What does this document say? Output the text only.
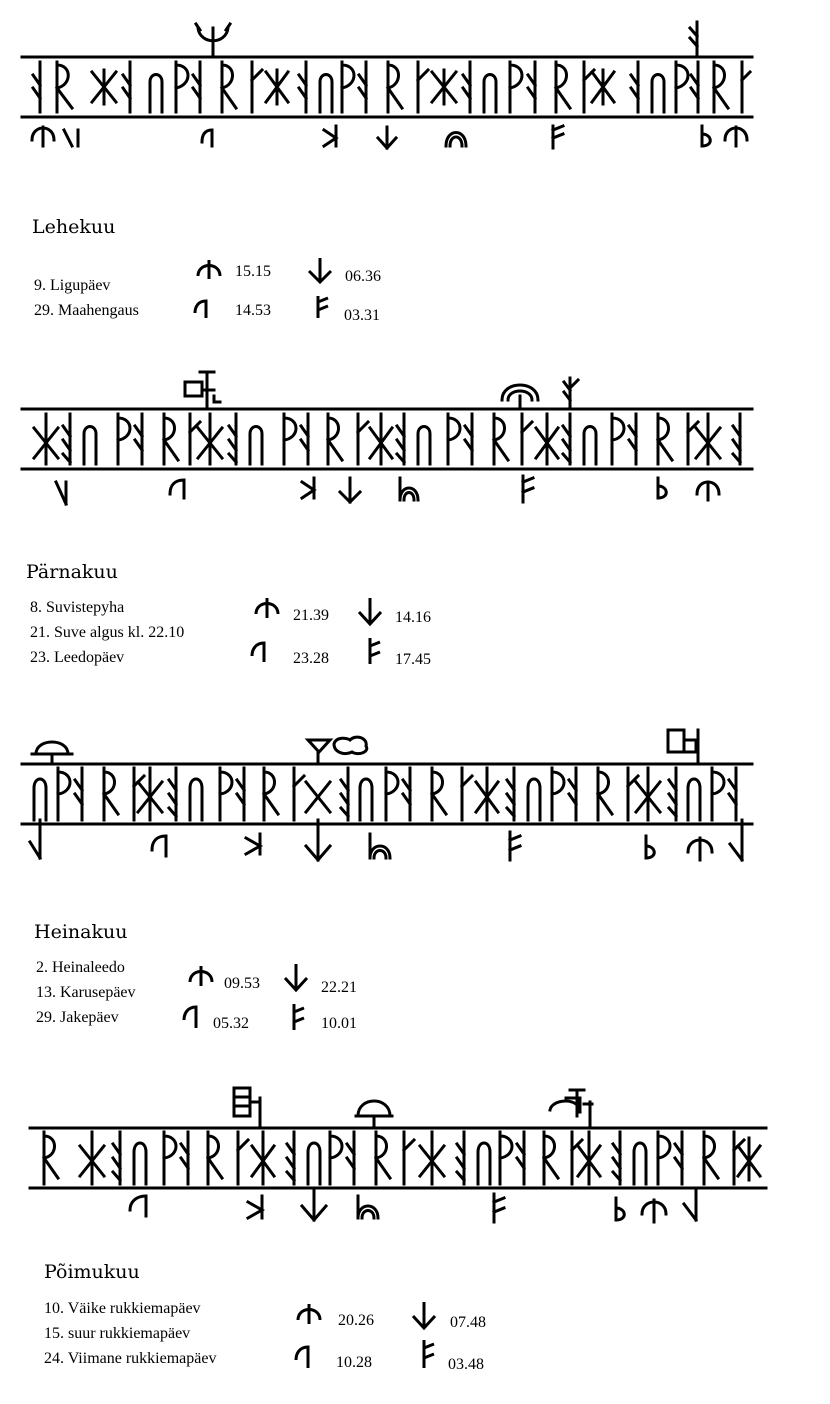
Lehekuu
9. Ligupäev
29. Maahengaus
15.15	06.36
14.53	03.31
Pärnakuu
8. Suvistepyha
21. Suve algus kl. 22.10
23. Leedopäev
21.39	14.16
23.28	17.45
Heinakuu
2. Heinaleedo
13. Karusepäev
29. Jakepäev
09.53	22.21
05.32	10.01
Põimukuu
10. Väike rukkiemapäev
15. suur rukkiemapäev
24. Viimane rukkiemapäev
20.26	07.48
10.28	03.48
